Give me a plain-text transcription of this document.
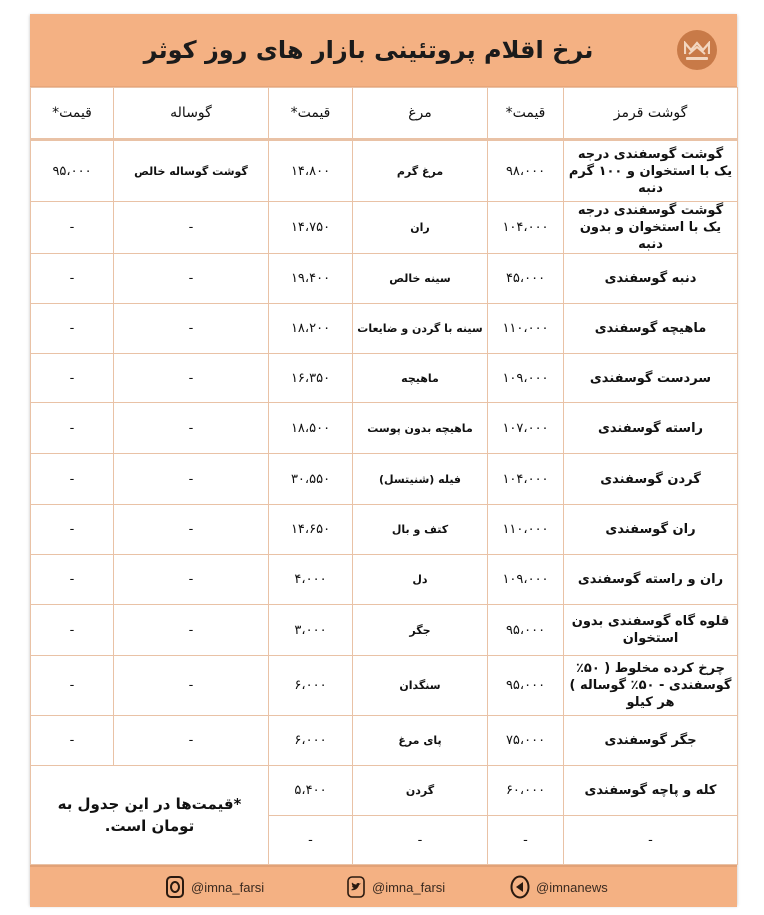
نرخ اقلام پروتئینی بازار های روز کوثر
گوشت قرمز	قیمت*	مرغ	قیمت*	گوساله	قیمت*
گوشت گوسفندی درجه یک با استخوان و ۱۰۰ گرم دنبه	۹۸،۰۰۰	مرغ گرم	۱۴،۸۰۰	گوشت گوساله خالص	۹۵،۰۰۰
گوشت گوسفندی درجه یک با استخوان و بدون دنبه	۱۰۴،۰۰۰	ران	۱۴،۷۵۰	-	-
دنبه گوسفندی	۴۵،۰۰۰	سینه خالص	۱۹،۴۰۰	-	-
ماهیچه گوسفندی	۱۱۰،۰۰۰	سینه با گردن و ضایعات	۱۸،۲۰۰	-	-
سردست گوسفندی	۱۰۹،۰۰۰	ماهیچه	۱۶،۳۵۰	-	-
راسته گوسفندی	۱۰۷،۰۰۰	ماهیچه بدون پوست	۱۸،۵۰۰	-	-
گردن گوسفندی	۱۰۴،۰۰۰	فیله (شنیتسل)	۳۰،۵۵۰	-	-
ران گوسفندی	۱۱۰،۰۰۰	کتف و بال	۱۴،۶۵۰	-	-
ران و راسته گوسفندی	۱۰۹،۰۰۰	دل	۴،۰۰۰	-	-
قلوه گاه گوسفندی بدون استخوان	۹۵،۰۰۰	جگر	۳،۰۰۰	-	-
چرخ کرده مخلوط ( ۵۰٪ گوسفندی - ۵۰٪ گوساله ) هر کیلو	۹۵،۰۰۰	سنگدان	۶،۰۰۰	-	-
جگر گوسفندی	۷۵،۰۰۰	پای مرغ	۶،۰۰۰	-	-
کله و پاچه گوسفندی	۶۰،۰۰۰	گردن	۵،۴۰۰	*قیمت‌ها در این جدول به تومان است.	
-	-	-	-		
@imna_farsi	@imna_farsi	@imnanews
